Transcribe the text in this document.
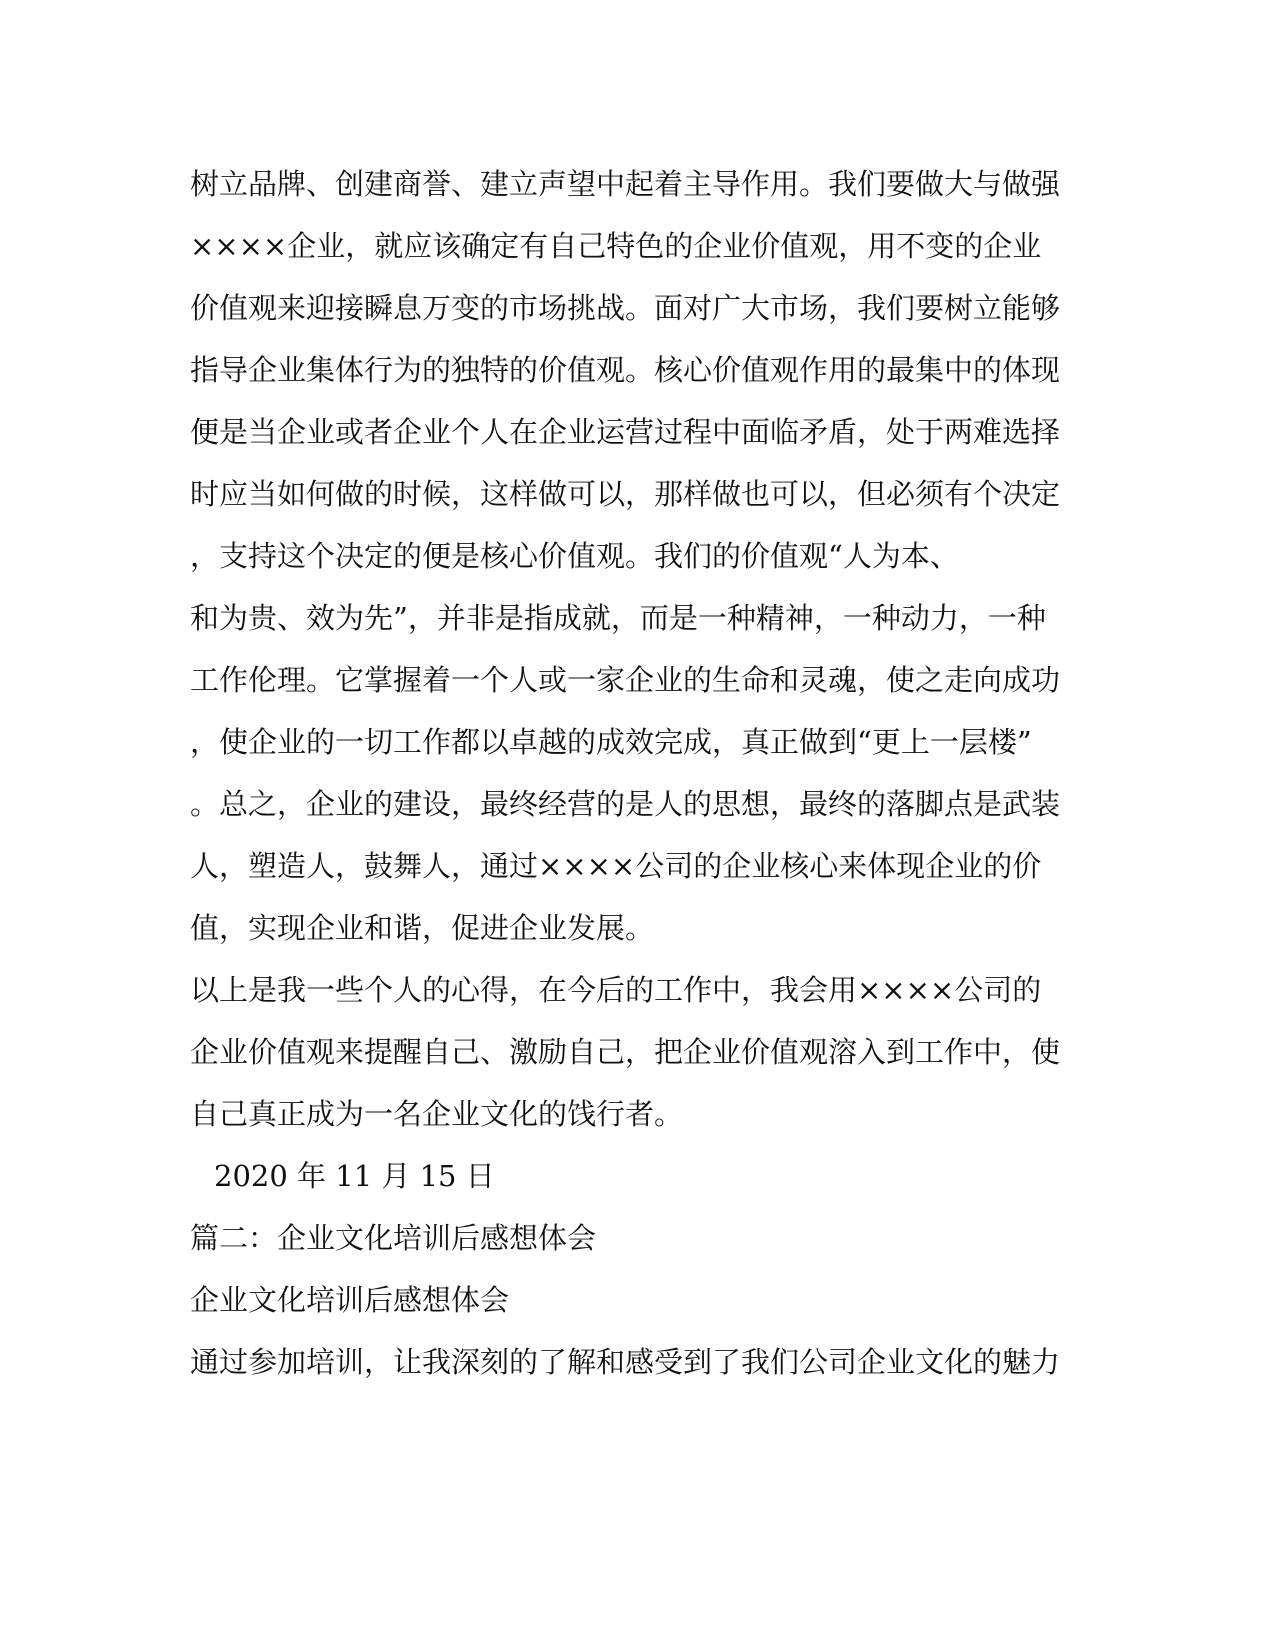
树立品牌、创建商誉、建立声望中起着主导作用。我们要做大与做强
××××企业，就应该确定有自己特色的企业价值观，用不变的企业
价值观来迎接瞬息万变的市场挑战。面对广大市场，我们要树立能够
指导企业集体行为的独特的价值观。核心价值观作用的最集中的体现
便是当企业或者企业个人在企业运营过程中面临矛盾，处于两难选择
时应当如何做的时候，这样做可以，那样做也可以，但必须有个决定
，支持这个决定的便是核心价值观。我们的价值观“人为本、
和为贵、效为先”，并非是指成就，而是一种精神，一种动力，一种
工作伦理。它掌握着一个人或一家企业的生命和灵魂，使之走向成功
，使企业的一切工作都以卓越的成效完成，真正做到“更上一层楼”
。总之，企业的建设，最终经营的是人的思想，最终的落脚点是武装
人，塑造人，鼓舞人，通过××××公司的企业核心来体现企业的价
值，实现企业和谐，促进企业发展。
以上是我一些个人的心得，在今后的工作中，我会用××××公司的
企业价值观来提醒自己、激励自己，把企业价值观溶入到工作中，使
自己真正成为一名企业文化的饯行者。
2020 年 11 月 15 日
篇二：企业文化培训后感想体会
企业文化培训后感想体会
通过参加培训，让我深刻的了解和感受到了我们公司企业文化的魅力
